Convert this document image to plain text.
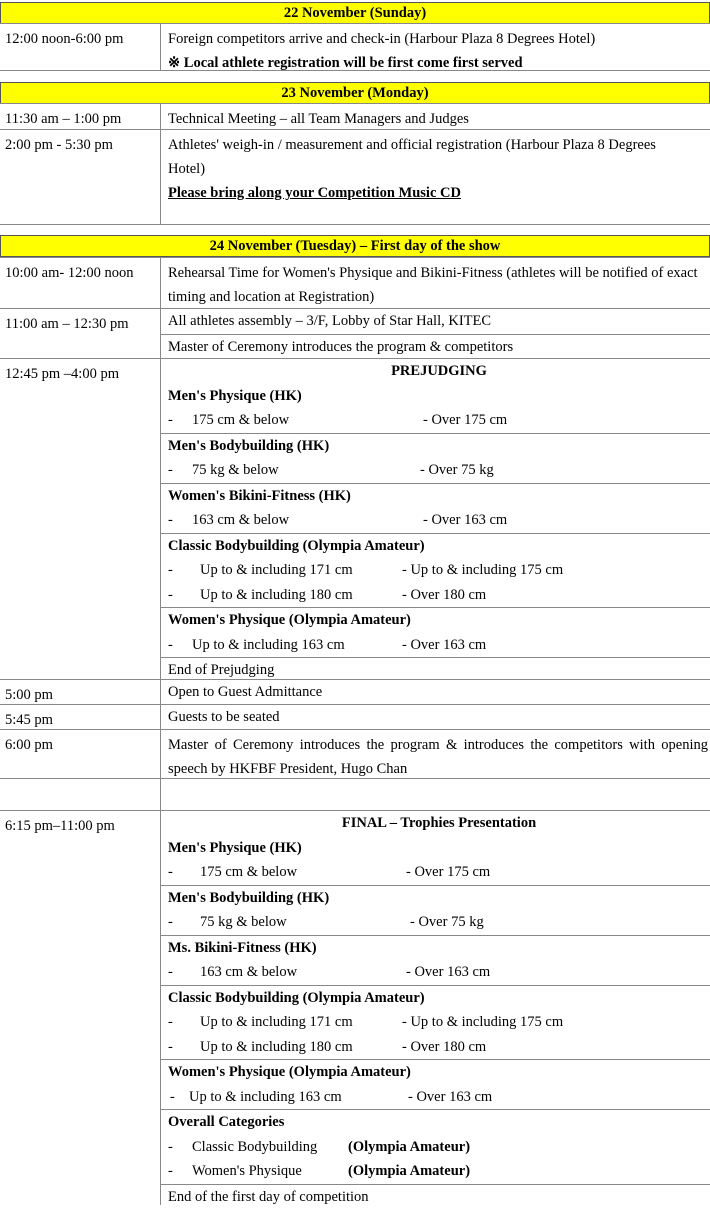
22 November (Sunday)
12:00 noon-6:00 pm	Foreign competitors arrive and check-in (Harbour Plaza 8 Degrees Hotel)
※ Local athlete registration will be first come first served
23 November (Monday)
11:30 am – 1:00 pm	Technical Meeting – all Team Managers and Judges
2:00 pm - 5:30 pm	Athletes' weigh-in / measurement and official registration (Harbour Plaza 8 Degrees Hotel)
Please bring along your Competition Music CD
24 November (Tuesday) – First day of the show
10:00 am- 12:00 noon	Rehearsal Time for Women's Physique and Bikini-Fitness (athletes will be notified of exact timing and location at Registration)
11:00 am – 12:30 pm	All athletes assembly – 3/F, Lobby of Star Hall, KITEC
Master of Ceremony introduces the program & competitors
12:45 pm –4:00 pm	PREJUDGING
Men's Physique (HK)
- 175 cm & below	- Over 175 cm
Men's Bodybuilding (HK)
- 75 kg & below	- Over 75 kg
Women's Bikini-Fitness (HK)
- 163 cm & below	- Over 163 cm
Classic Bodybuilding (Olympia Amateur)
- Up to & including 171 cm	- Up to & including 175 cm
- Up to & including 180 cm	- Over 180 cm
Women's Physique (Olympia Amateur)
- Up to & including 163 cm	- Over 163 cm
End of Prejudging
5:00 pm	Open to Guest Admittance
5:45 pm	Guests to be seated
6:00 pm	Master of Ceremony introduces the program & introduces the competitors with opening speech by HKFBF President, Hugo Chan
6:15 pm–11:00 pm	FINAL – Trophies Presentation
Men's Physique (HK)
- 175 cm & below	- Over 175 cm
Men's Bodybuilding (HK)
- 75 kg & below	- Over 75 kg
Ms. Bikini-Fitness (HK)
- 163 cm & below	- Over 163 cm
Classic Bodybuilding (Olympia Amateur)
- Up to & including 171 cm	- Up to & including 175 cm
- Up to & including 180 cm	- Over 180 cm
Women's Physique (Olympia Amateur)
- Up to & including 163 cm	- Over 163 cm
Overall Categories
- Classic Bodybuilding (Olympia Amateur)
- Women's Physique	(Olympia Amateur)
End of the first day of competition
